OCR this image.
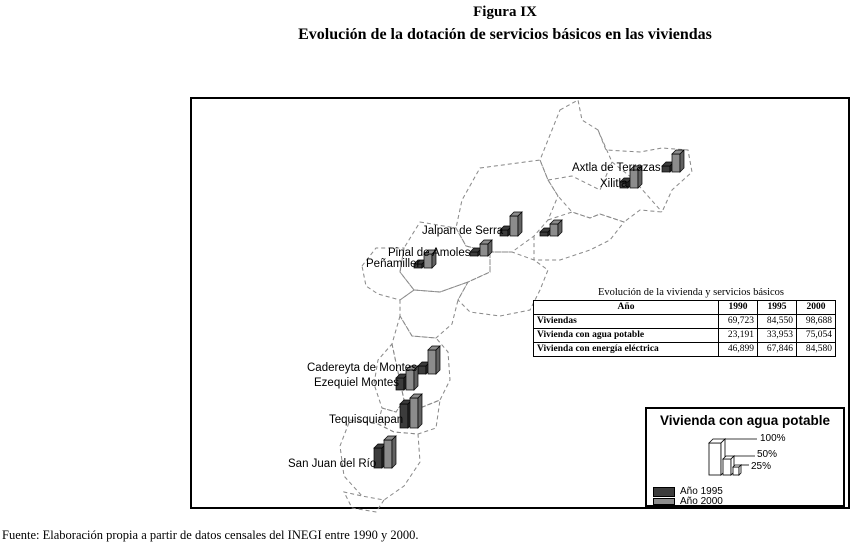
Figura IX
Evolución de la dotación de servicios básicos en las viviendas
Axtla de Terrazas
Xilitla
Jalpan de Serra
Pinal de Amoles
Peñamiller
Cadereyta de Montes
Ezequiel Montes
Tequisquiapan
San Juan del Río
Evolución de la vivienda y servicios básicos
Año	1990	1995	2000
Viviendas	69,723	84,550	98,688
Vivienda con agua potable	23,191	33,953	75,054
Vivienda con energía eléctrica	46,899	67,846	84,580
Vivienda con agua potable
100%
50%
25%
Año 1995
Año 2000
Fuente: Elaboración propia a partir de datos censales del INEGI entre 1990 y 2000.
